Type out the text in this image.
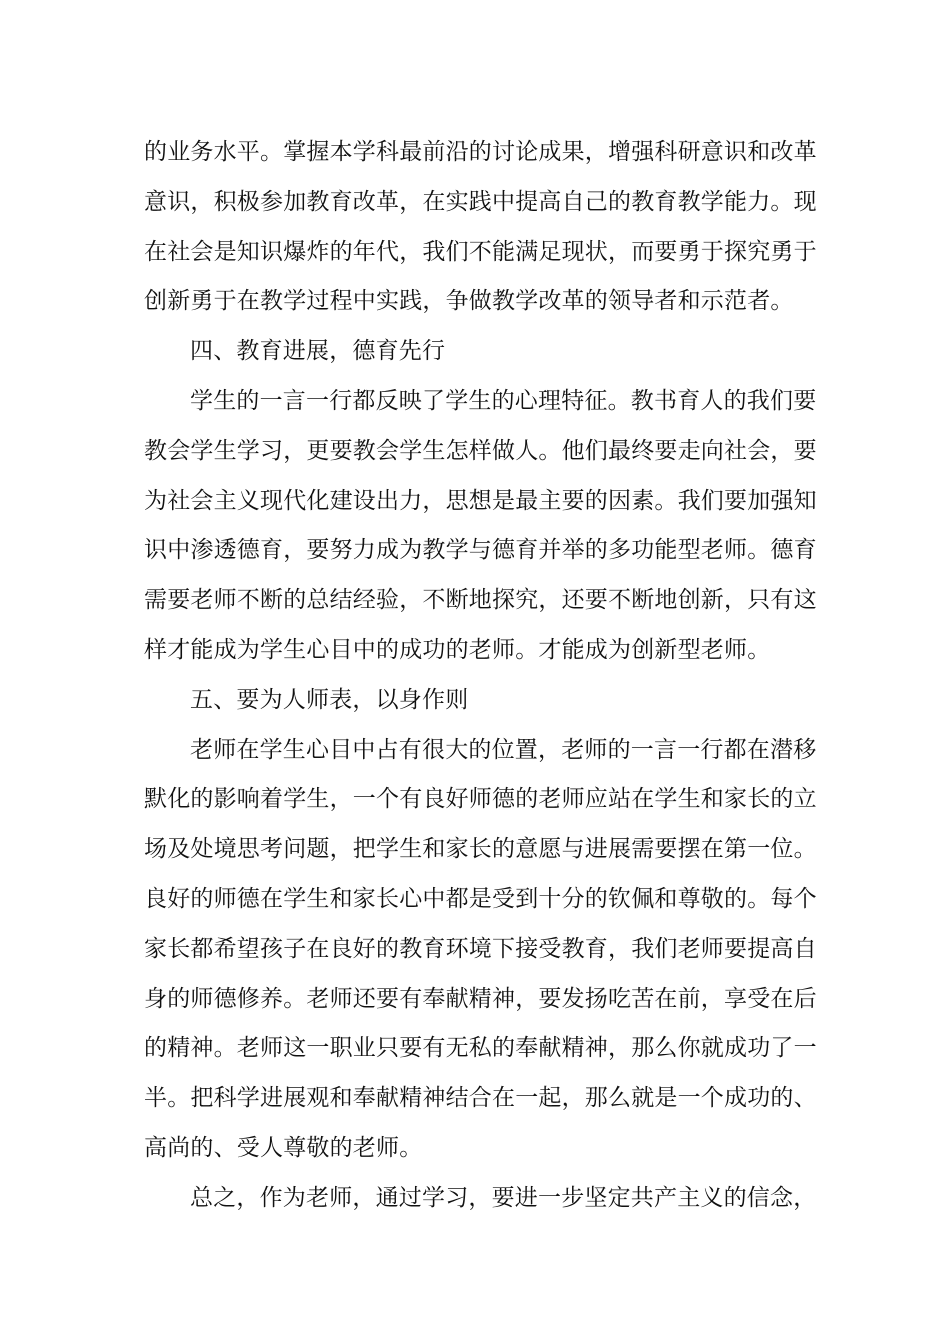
的业务水平。掌握本学科最前沿的讨论成果，增强科研意识和改革
意识，积极参加教育改革，在实践中提高自己的教育教学能力。现
在社会是知识爆炸的年代，我们不能满足现状，而要勇于探究勇于
创新勇于在教学过程中实践，争做教学改革的领导者和示范者。
四、教育进展，德育先行
学生的一言一行都反映了学生的心理特征。教书育人的我们要
教会学生学习，更要教会学生怎样做人。他们最终要走向社会，要
为社会主义现代化建设出力，思想是最主要的因素。我们要加强知
识中渗透德育，要努力成为教学与德育并举的多功能型老师。德育
需要老师不断的总结经验，不断地探究，还要不断地创新，只有这
样才能成为学生心目中的成功的老师。才能成为创新型老师。
五、要为人师表，以身作则
老师在学生心目中占有很大的位置，老师的一言一行都在潜移
默化的影响着学生，一个有良好师德的老师应站在学生和家长的立
场及处境思考问题，把学生和家长的意愿与进展需要摆在第一位。
良好的师德在学生和家长心中都是受到十分的钦佩和尊敬的。每个
家长都希望孩子在良好的教育环境下接受教育，我们老师要提高自
身的师德修养。老师还要有奉献精神，要发扬吃苦在前，享受在后
的精神。老师这一职业只要有无私的奉献精神，那么你就成功了一
半。把科学进展观和奉献精神结合在一起，那么就是一个成功的、
高尚的、受人尊敬的老师。
总之，作为老师，通过学习，要进一步坚定共产主义的信念，
